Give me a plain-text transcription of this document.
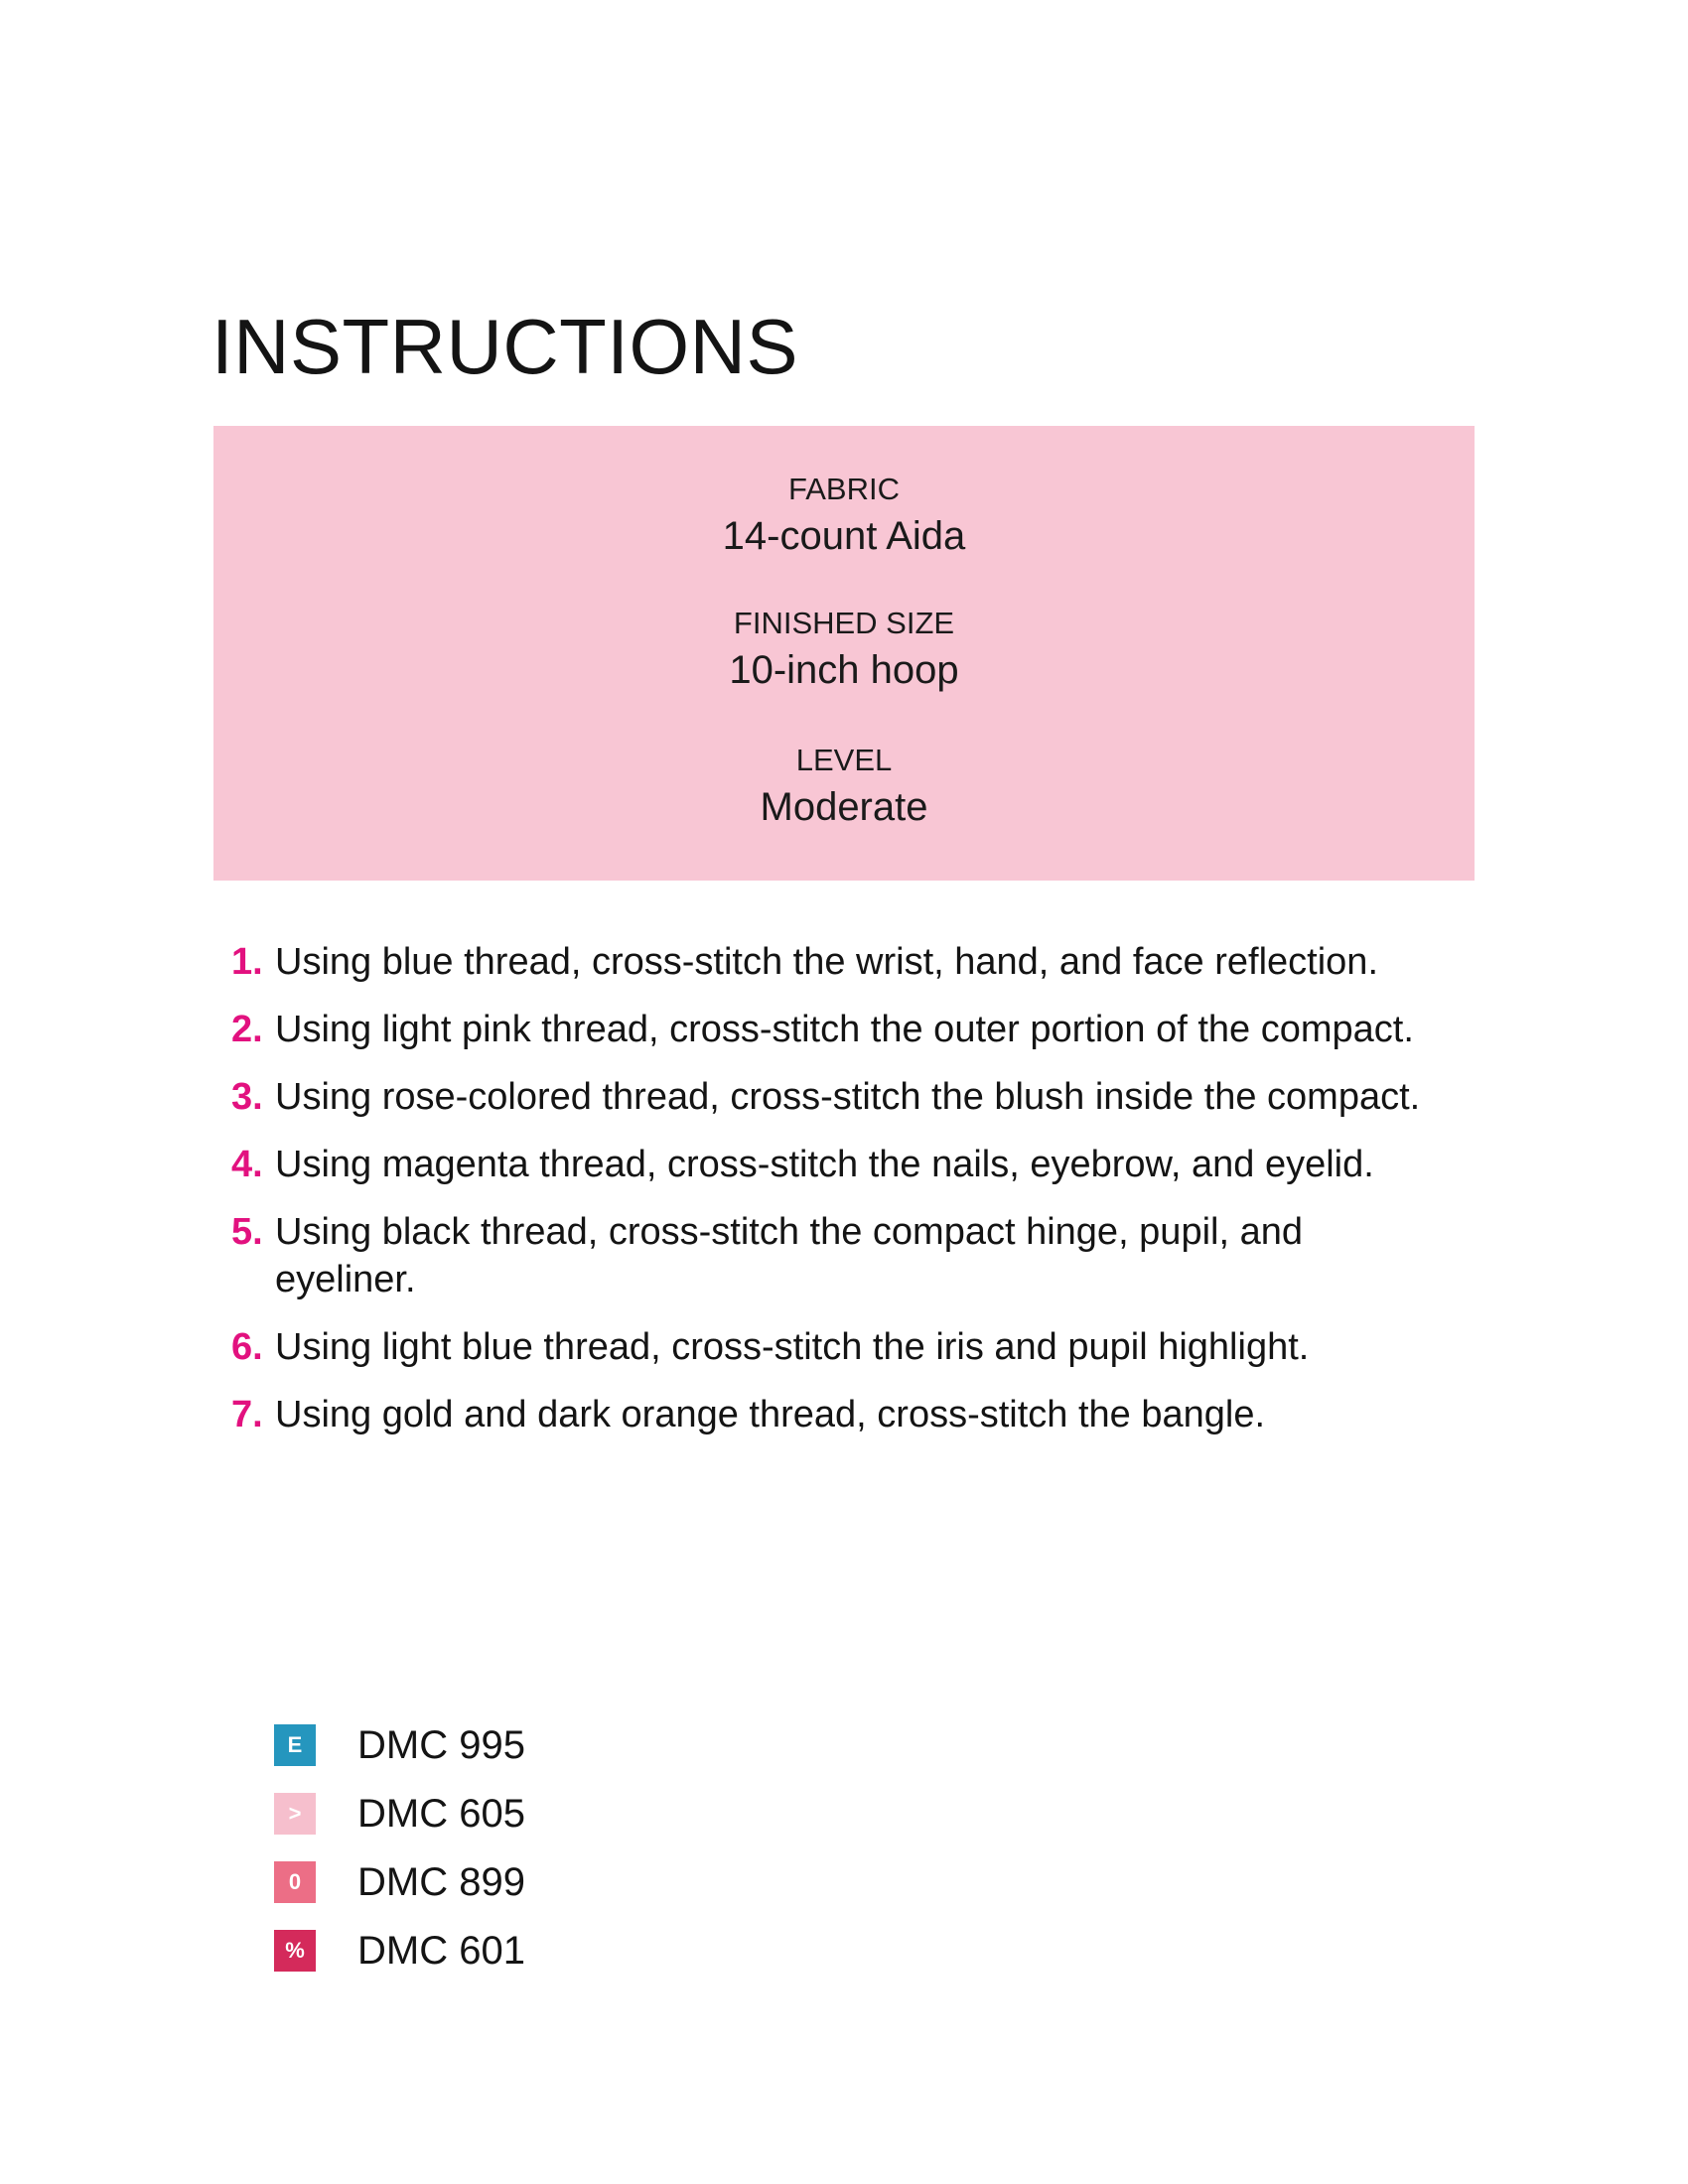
INSTRUCTIONS
FABRIC
14-count Aida
FINISHED SIZE
10-inch hoop
LEVEL
Moderate
1. Using blue thread, cross-stitch the wrist, hand, and face reflection.
2. Using light pink thread, cross-stitch the outer portion of the compact.
3. Using rose-colored thread, cross-stitch the blush inside the compact.
4. Using magenta thread, cross-stitch the nails, eyebrow, and eyelid.
5. Using black thread, cross-stitch the compact hinge, pupil, and eyeliner.
6. Using light blue thread, cross-stitch the iris and pupil highlight.
7. Using gold and dark orange thread, cross-stitch the bangle.
E	DMC 995
>	DMC 605
0	DMC 899
% DMC 601
